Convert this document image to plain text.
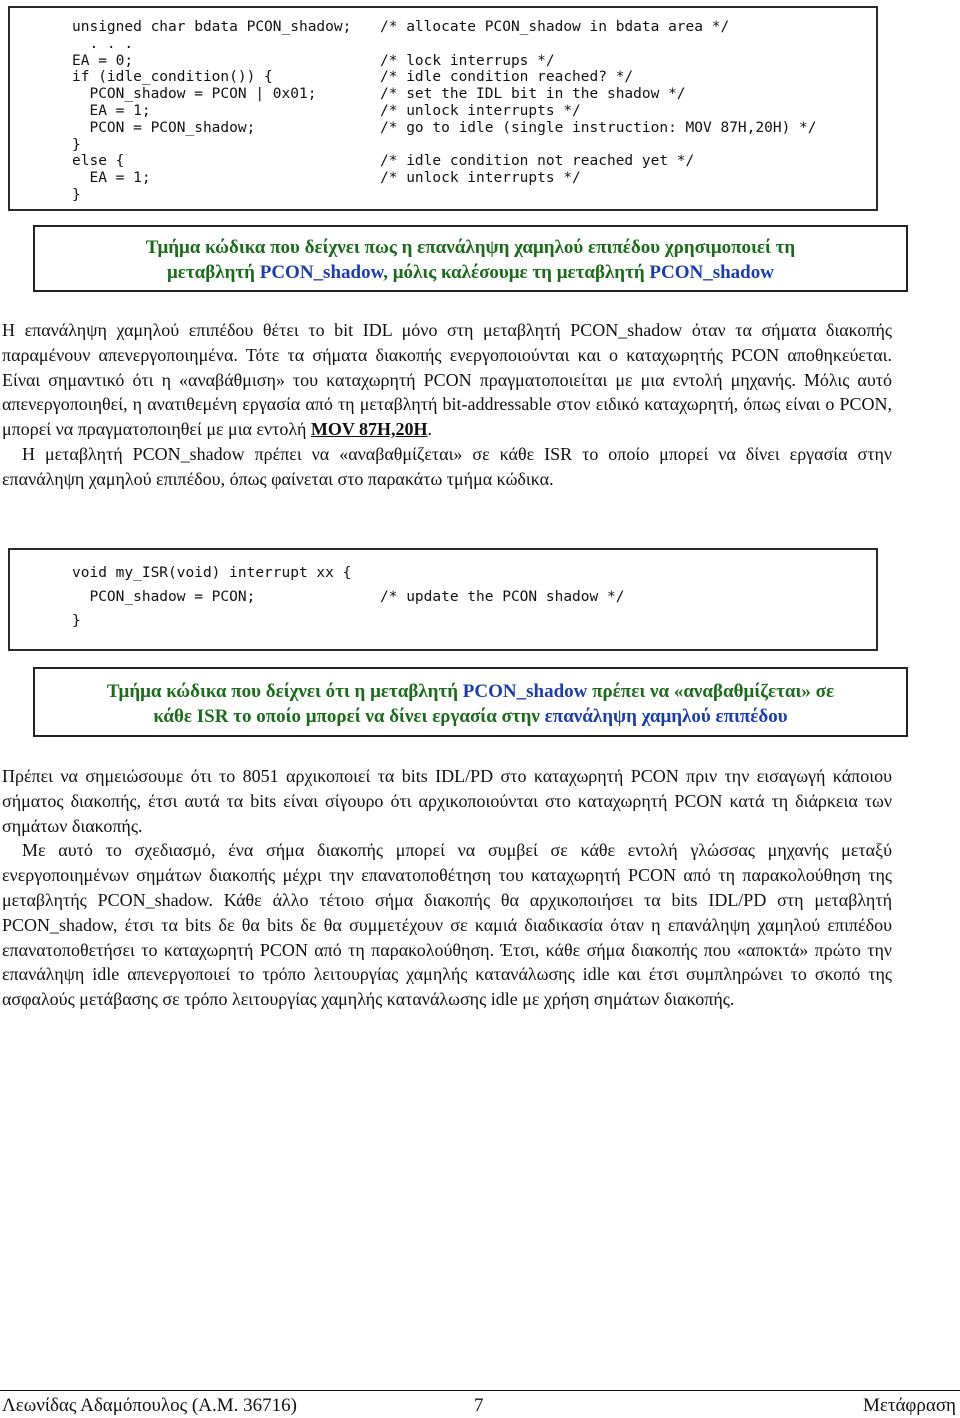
unsigned char bdata PCON_shadow; /* allocate PCON_shadow in bdata area */
. . .
EA = 0;	/* lock interrups */
if (idle_condition()) {	/* idle condition reached? */
PCON_shadow = PCON | 0x01;	/* set the IDL bit in the shadow */
EA = 1;	/* unlock interrupts */
PCON = PCON_shadow;	/* go to idle (single instruction: MOV 87H,20H) */
}
else {	/* idle condition not reached yet */
EA = 1;	/* unlock interrupts */
}
Τμήμα κώδικα που δείχνει πως η επανάληψη χαμηλού επιπέδου χρησιμοποιεί τη
μεταβλητή PCON_shadow, μόλις καλέσουμε τη μεταβλητή PCON_shadow
Η επανάληψη χαμηλού επιπέδου θέτει το bit IDL μόνο στη μεταβλητή PCON_shadow όταν τα σήματα διακοπής παραμένουν απενεργοποιημένα. Τότε τα σήματα διακοπής ενεργοποιούνται και ο καταχωρητής PCON αποθηκεύεται. Είναι σημαντικό ότι η «αναβάθμιση» του καταχωρητή PCON πραγματοποιείται με μια εντολή μηχανής. Μόλις αυτό απενεργοποιηθεί, η ανατιθεμένη εργασία από τη μεταβλητή bit-addressable στον ειδικό καταχωρητή, όπως είναι ο PCON, μπορεί να πραγματοποιηθεί με μια εντολή MOV 87H,20H.
Η μεταβλητή PCON_shadow πρέπει να «αναβαθμίζεται» σε κάθε ISR το οποίο μπορεί να δίνει εργασία στην επανάληψη χαμηλού επιπέδου, όπως φαίνεται στο παρακάτω τμήμα κώδικα.
void my_ISR(void) interrupt xx {
PCON_shadow = PCON;	/* update the PCON shadow */
}
Τμήμα κώδικα που δείχνει ότι η μεταβλητή PCON_shadow πρέπει να «αναβαθμίζεται» σε
κάθε ISR το οποίο μπορεί να δίνει εργασία στην επανάληψη χαμηλού επιπέδου
Πρέπει να σημειώσουμε ότι το 8051 αρχικοποιεί τα bits IDL/PD στο καταχωρητή PCON πριν την εισαγωγή κάποιου σήματος διακοπής, έτσι αυτά τα bits είναι σίγουρο ότι αρχικοποιούνται στο καταχωρητή PCON κατά τη διάρκεια των σημάτων διακοπής.
Με αυτό το σχεδιασμό, ένα σήμα διακοπής μπορεί να συμβεί σε κάθε εντολή γλώσσας μηχανής μεταξύ ενεργοποιημένων σημάτων διακοπής μέχρι την επανατοποθέτηση του καταχωρητή PCON από τη παρακολούθηση της μεταβλητής PCON_shadow. Κάθε άλλο τέτοιο σήμα διακοπής θα αρχικοποιήσει τα bits IDL/PD στη μεταβλητή PCON_shadow, έτσι τα bits δε θα bits δε θα συμμετέχουν σε καμιά διαδικασία όταν η επανάληψη χαμηλού επιπέδου επανατοποθετήσει το καταχωρητή PCON από τη παρακολούθηση. Έτσι, κάθε σήμα διακοπής που «αποκτά» πρώτο την επανάληψη idle απενεργοποιεί το τρόπο λειτουργίας χαμηλής κατανάλωσης idle και έτσι συμπληρώνει το σκοπό της ασφαλούς μετάβασης σε τρόπο λειτουργίας χαμηλής κατανάλωσης idle με χρήση σημάτων διακοπής.
Λεωνίδας Αδαμόπουλος (Α.Μ. 36716)	7	Μετάφραση
